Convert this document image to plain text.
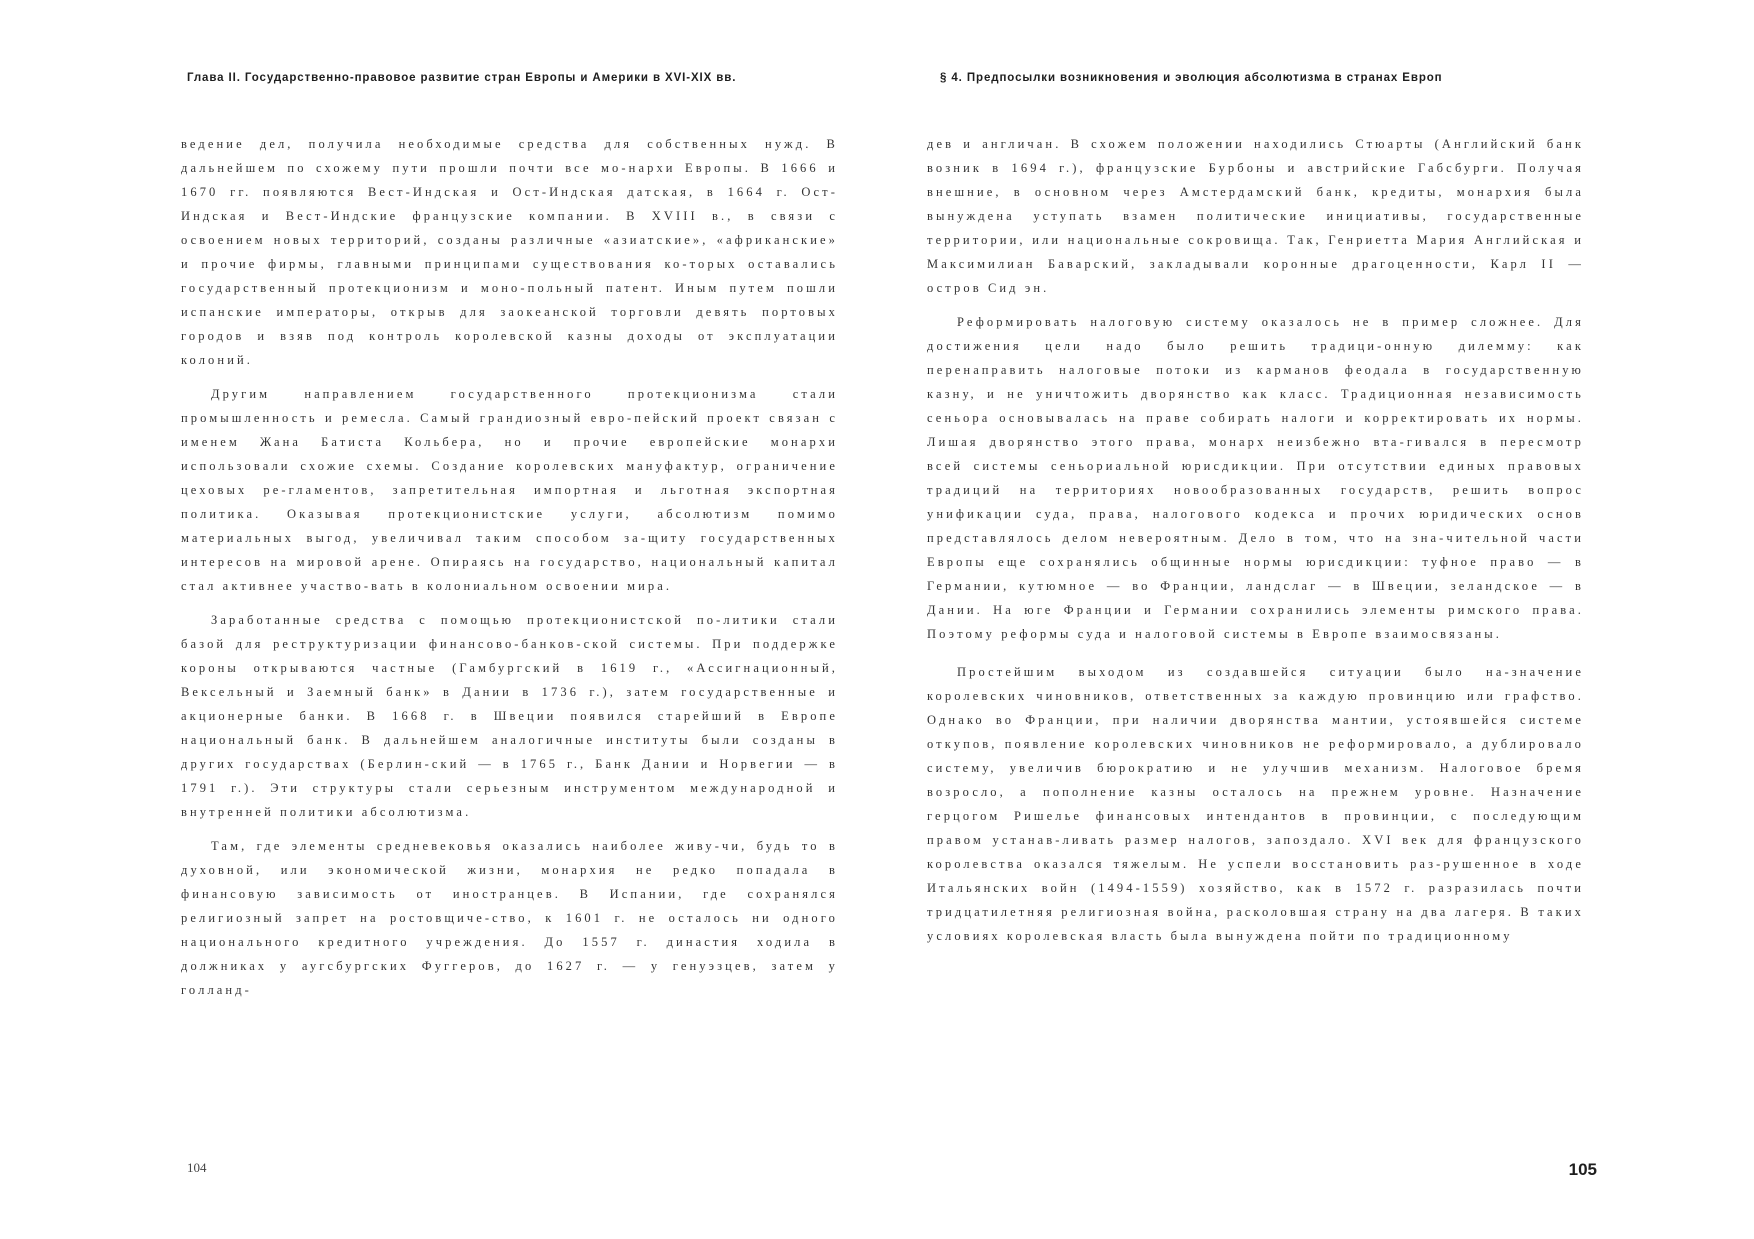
Глава II. Государственно-правовое развитие стран Европы и Америки в XVI-XIX вв.

ведение дел, получила необходимые средства для собственных нужд. В дальнейшем по схожему пути прошли почти все мо-нархи Европы. В 1666 и 1670 гг. появляются Вест-Индская и Ост-Индская датская, в 1664 г. Ост-Индская и Вест-Индские французские компании. В XVIII в., в связи с освоением новых территорий, созданы различные «азиатские», «африканские» и прочие фирмы, главными принципами существования ко-торых оставались государственный протекционизм и моно-польный патент. Иным путем пошли испанские императоры, открыв для заокеанской торговли девять портовых городов и взяв под контроль королевской казны доходы от эксплуатации колоний.

Другим направлением государственного протекционизма стали промышленность и ремесла. Самый грандиозный евро-пейский проект связан с именем Жана Батиста Кольбера, но и прочие европейские монархи использовали схожие схемы. Создание королевских мануфактур, ограничение цеховых ре-гламентов, запретительная импортная и льготная экспортная политика. Оказывая протекционистские услуги, абсолютизм помимо материальных выгод, увеличивал таким способом за-щиту государственных интересов на мировой арене. Опираясь на государство, национальный капитал стал активнее участво-вать в колониальном освоении мира.

Заработанные средства с помощью протекционистской по-литики стали базой для реструктуризации финансово-банков-ской системы. При поддержке короны открываются частные (Гамбургский в 1619 г., «Ассигнационный, Вексельный и Заемный банк» в Дании в 1736 г.), затем государственные и акционерные банки. В 1668 г. в Швеции появился старейший в Европе национальный банк. В дальнейшем аналогичные институты были созданы в других государствах (Берлин-ский — в 1765 г., Банк Дании и Норвегии — в 1791 г.). Эти структуры стали серьезным инструментом международной и внутренней политики абсолютизма.

Там, где элементы средневековья оказались наиболее живу-чи, будь то в духовной, или экономической жизни, монархия не редко попадала в финансовую зависимость от иностранцев. В Испании, где сохранялся религиозный запрет на ростовщиче-ство, к 1601 г. не осталось ни одного национального кредитного учреждения. До 1557 г. династия ходила в должниках у аугсбургских Фуггеров, до 1627 г. — у генуэзцев, затем у голланд-

104
§ 4. Предпосылки возникновения и эволюция абсолютизма в странах Европ

дев и англичан. В схожем положении находились Стюарты (Английский банк возник в 1694 г.), французские Бурбоны и австрийские Габсбурги. Получая внешние, в основном через Амстердамский банк, кредиты, монархия была вынуждена уступать взамен политические инициативы, государственные территории, или национальные сокровища. Так, Генриетта Мария Английская и Максимилиан Баварский, закладывали коронные драгоценности, Карл II — остров Сид эн.

Реформировать налоговую систему оказалось не в пример сложнее. Для достижения цели надо было решить традици-онную дилемму: как перенаправить налоговые потоки из карманов феодала в государственную казну, и не уничтожить дворянство как класс. Традиционная независимость сеньора основывалась на праве собирать налоги и корректировать их нормы. Лишая дворянство этого права, монарх неизбежно вта-гивался в пересмотр всей системы сеньориальной юрисдикции. При отсутствии единых правовых традиций на территориях новообразованных государств, решить вопрос унификации суда, права, налогового кодекса и прочих юридических основ представлялось делом невероятным. Дело в том, что на зна-чительной части Европы еще сохранялись общинные нормы юрисдикции: туфное право — в Германии, кутюмное — во Франции, ландслаг — в Швеции, зеландское — в Дании. На юге Франции и Германии сохранились элементы римского права. Поэтому реформы суда и налоговой системы в Европе взаимосвязаны.

Простейшим выходом из создавшейся ситуации было на-значение королевских чиновников, ответственных за каждую провинцию или графство. Однако во Франции, при наличии дворянства мантии, устоявшейся системе откупов, появление королевских чиновников не реформировало, а дублировало систему, увеличив бюрократию и не улучшив механизм. Налоговое бремя возросло, а пополнение казны осталось на прежнем уровне. Назначение герцогом Ришелье финансовых интендантов в провинции, с последующим правом устанав-ливать размер налогов, запоздало. XVI век для французского королевства оказался тяжелым. Не успели восстановить раз-рушенное в ходе Итальянских войн (1494-1559) хозяйство, как в 1572 г. разразилась почти тридцатилетняя религиозная война, расколовшая страну на два лагеря. В таких условиях королевская власть была вынуждена пойти по традиционному

105
